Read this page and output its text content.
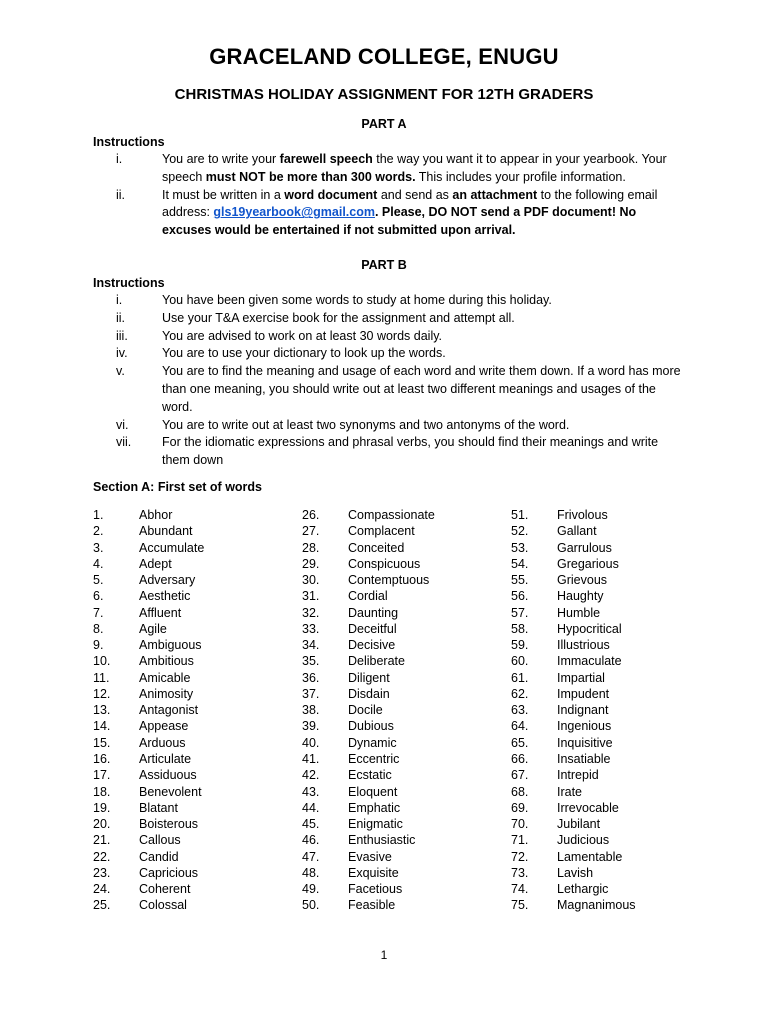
GRACELAND COLLEGE, ENUGU
CHRISTMAS HOLIDAY ASSIGNMENT FOR 12TH GRADERS
PART A
Instructions
i.	You are to write your farewell speech the way you want it to appear in your yearbook. Your speech must NOT be more than 300 words. This includes your profile information.
ii.	It must be written in a word document and send as an attachment to the following email address: gls19yearbook@gmail.com. Please, DO NOT send a PDF document! No excuses would be entertained if not submitted upon arrival.
PART B
Instructions
i.	You have been given some words to study at home during this holiday.
ii.	Use your T&A exercise book for the assignment and attempt all.
iii.	You are advised to work on at least 30 words daily.
iv.	You are to use your dictionary to look up the words.
v.	You are to find the meaning and usage of each word and write them down. If a word has more than one meaning, you should write out at least two different meanings and usages of the word.
vi.	You are to write out at least two synonyms and two antonyms of the word.
vii.	For the idiomatic expressions and phrasal verbs, you should find their meanings and write them down
Section A: First set of words
1.	Abhor
2.	Abundant
3.	Accumulate
4.	Adept
5.	Adversary
6.	Aesthetic
7.	Affluent
8.	Agile
9.	Ambiguous
10. Ambitious
11. Amicable
12. Animosity
13. Antagonist
14. Appease
15. Arduous
16. Articulate
17. Assiduous
18. Benevolent
19. Blatant
20. Boisterous
21. Callous
22. Candid
23. Capricious
24. Coherent
25. Colossal
26. Compassionate
27. Complacent
28. Conceited
29. Conspicuous
30. Contemptuous
31. Cordial
32. Daunting
33. Deceitful
34. Decisive
35. Deliberate
36. Diligent
37. Disdain
38. Docile
39. Dubious
40. Dynamic
41. Eccentric
42. Ecstatic
43. Eloquent
44. Emphatic
45. Enigmatic
46. Enthusiastic
47. Evasive
48. Exquisite
49. Facetious
50. Feasible
51. Frivolous
52. Gallant
53. Garrulous
54. Gregarious
55. Grievous
56. Haughty
57. Humble
58. Hypocritical
59. Illustrious
60. Immaculate
61. Impartial
62. Impudent
63. Indignant
64. Ingenious
65. Inquisitive
66. Insatiable
67. Intrepid
68. Irate
69. Irrevocable
70. Jubilant
71. Judicious
72. Lamentable
73. Lavish
74. Lethargic
75. Magnanimous
1
